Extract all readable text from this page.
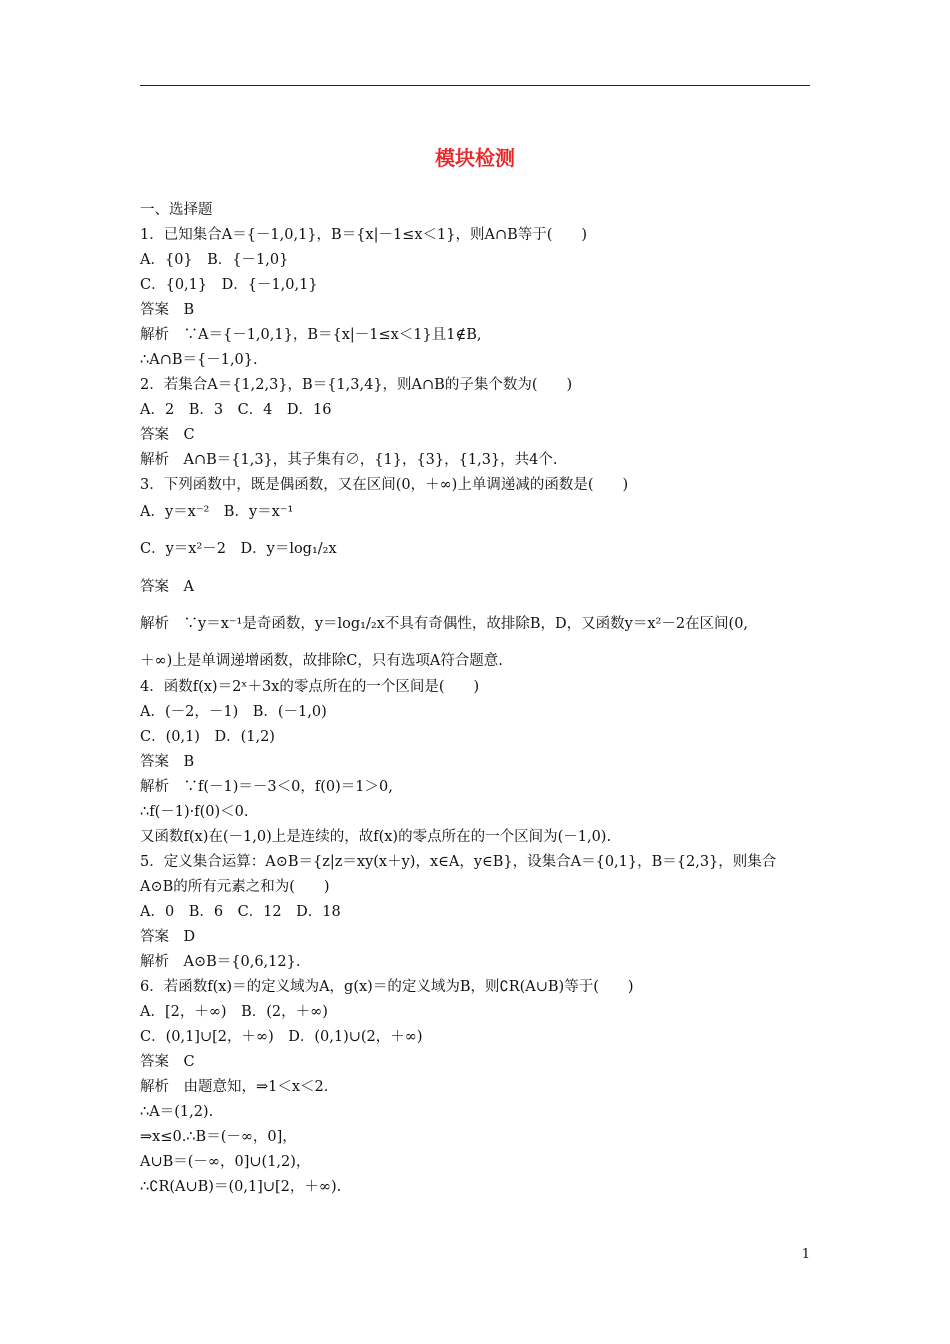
模块检测
一、选择题
1．已知集合A＝{－1,0,1}，B＝{x|－1≤x＜1}，则A∩B等于(　　)
A．{0}　B．{－1,0}
C．{0,1}　D．{－1,0,1}
答案　B
解析　∵A＝{－1,0,1}，B＝{x|－1≤x＜1}且1∉B,
∴A∩B＝{－1,0}.
2．若集合A＝{1,2,3}，B＝{1,3,4}，则A∩B的子集个数为(　　)
A．2　B．3　C．4　D．16
答案　C
解析　A∩B＝{1,3}，其子集有∅，{1}，{3}，{1,3}，共4个.
3．下列函数中，既是偶函数，又在区间(0，＋∞)上单调递减的函数是(　　)
A．y＝x⁻²　B．y＝x⁻¹
C．y＝x²－2　D．y＝log₁/₂x
答案　A
解析　∵y＝x⁻¹是奇函数，y＝log₁/₂x不具有奇偶性，故排除B，D，又函数y＝x²－2在区间(0,
＋∞)上是单调递增函数，故排除C，只有选项A符合题意.
4．函数f(x)＝2ˣ＋3x的零点所在的一个区间是(　　)
A．(－2，－1)　B．(－1,0)
C．(0,1)　D．(1,2)
答案　B
解析　∵f(－1)＝－3＜0，f(0)＝1＞0,
∴f(－1)·f(0)＜0.
又函数f(x)在(－1,0)上是连续的，故f(x)的零点所在的一个区间为(－1,0).
5．定义集合运算：A⊙B＝{z|z＝xy(x＋y)，x∈A，y∈B}，设集合A＝{0,1}，B＝{2,3}，则集合
A⊙B的所有元素之和为(　　)
A．0　B．6　C．12　D．18
答案　D
解析　A⊙B＝{0,6,12}.
6．若函数f(x)＝的定义域为A，g(x)＝的定义域为B，则∁R(A∪B)等于(　　)
A．[2，＋∞)　B．(2，＋∞)
C．(0,1]∪[2，＋∞)　D．(0,1)∪(2，＋∞)
答案　C
解析　由题意知，⇒1＜x＜2.
∴A＝(1,2).
⇒x≤0.∴B＝(－∞，0]，
A∪B＝(－∞，0]∪(1,2)，
∴∁R(A∪B)＝(0,1]∪[2，＋∞).
1
